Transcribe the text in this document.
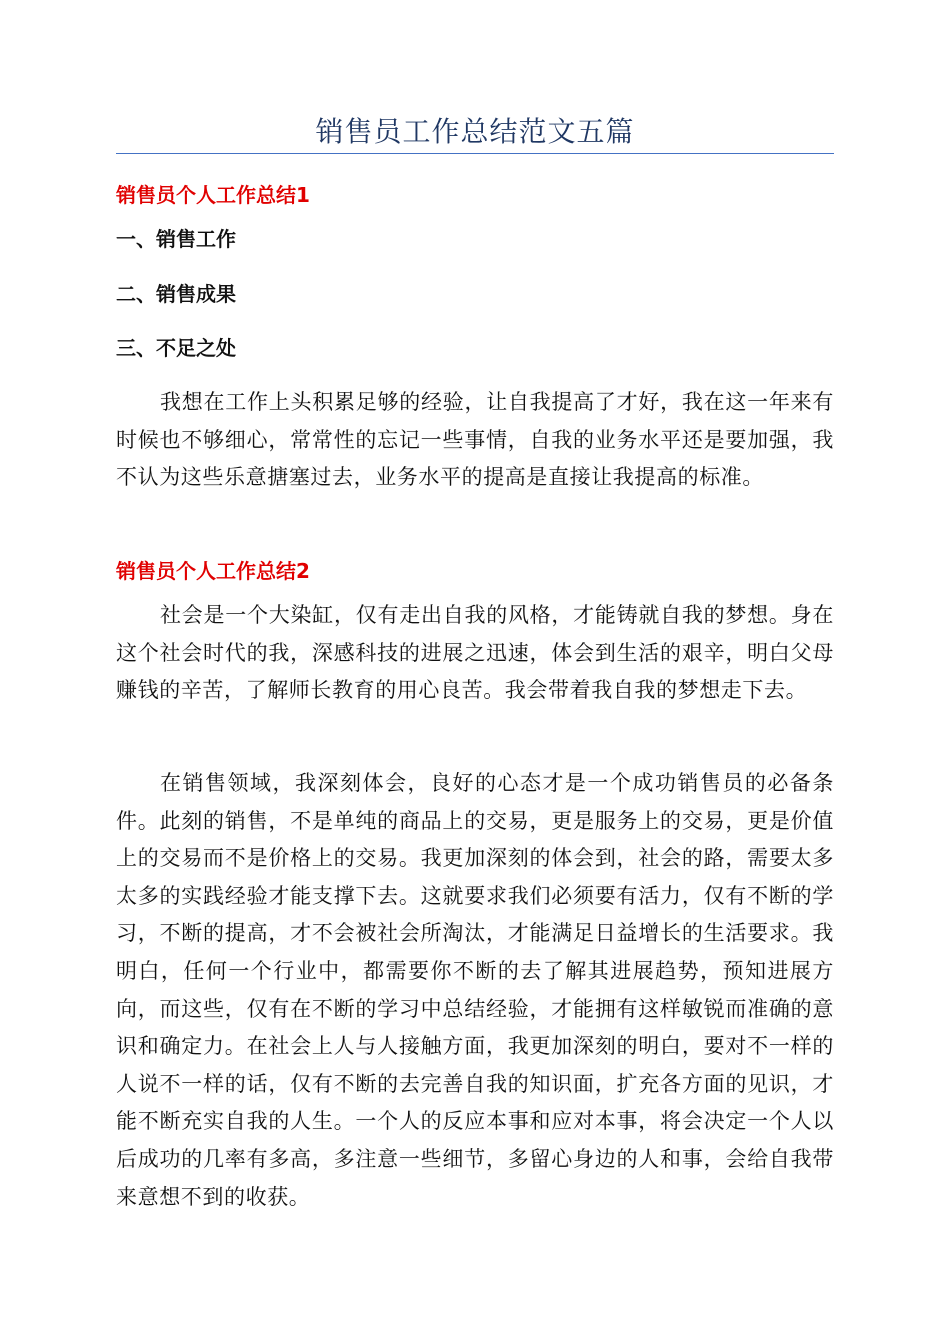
销售员工作总结范文五篇
销售员个人工作总结1
一、销售工作
二、销售成果
三、不足之处

我想在工作上头积累足够的经验，让自我提高了才好，我在这一年来有时候也不够细心，常常性的忘记一些事情，自我的业务水平还是要加强，我不认为这些乐意搪塞过去，业务水平的提高是直接让我提高的标准。

销售员个人工作总结2

社会是一个大染缸，仅有走出自我的风格，才能铸就自我的梦想。身在这个社会时代的我，深感科技的进展之迅速，体会到生活的艰辛，明白父母赚钱的辛苦，了解师长教育的用心良苦。我会带着我自我的梦想走下去。

在销售领域，我深刻体会，良好的心态才是一个成功销售员的必备条件。此刻的销售，不是单纯的商品上的交易，更是服务上的交易，更是价值上的交易而不是价格上的交易。我更加深刻的体会到，社会的路，需要太多太多的实践经验才能支撑下去。这就要求我们必须要有活力，仅有不断的学习，不断的提高，才不会被社会所淘汰，才能满足日益增长的生活要求。我明白，任何一个行业中，都需要你不断的去了解其进展趋势，预知进展方向，而这些，仅有在不断的学习中总结经验，才能拥有这样敏锐而准确的意识和确定力。在社会上人与人接触方面，我更加深刻的明白，要对不一样的人说不一样的话，仅有不断的去完善自我的知识面，扩充各方面的见识，才能不断充实自我的人生。一个人的反应本事和应对本事，将会决定一个人以后成功的几率有多高，多注意一些细节，多留心身边的人和事，会给自我带来意想不到的收获。
